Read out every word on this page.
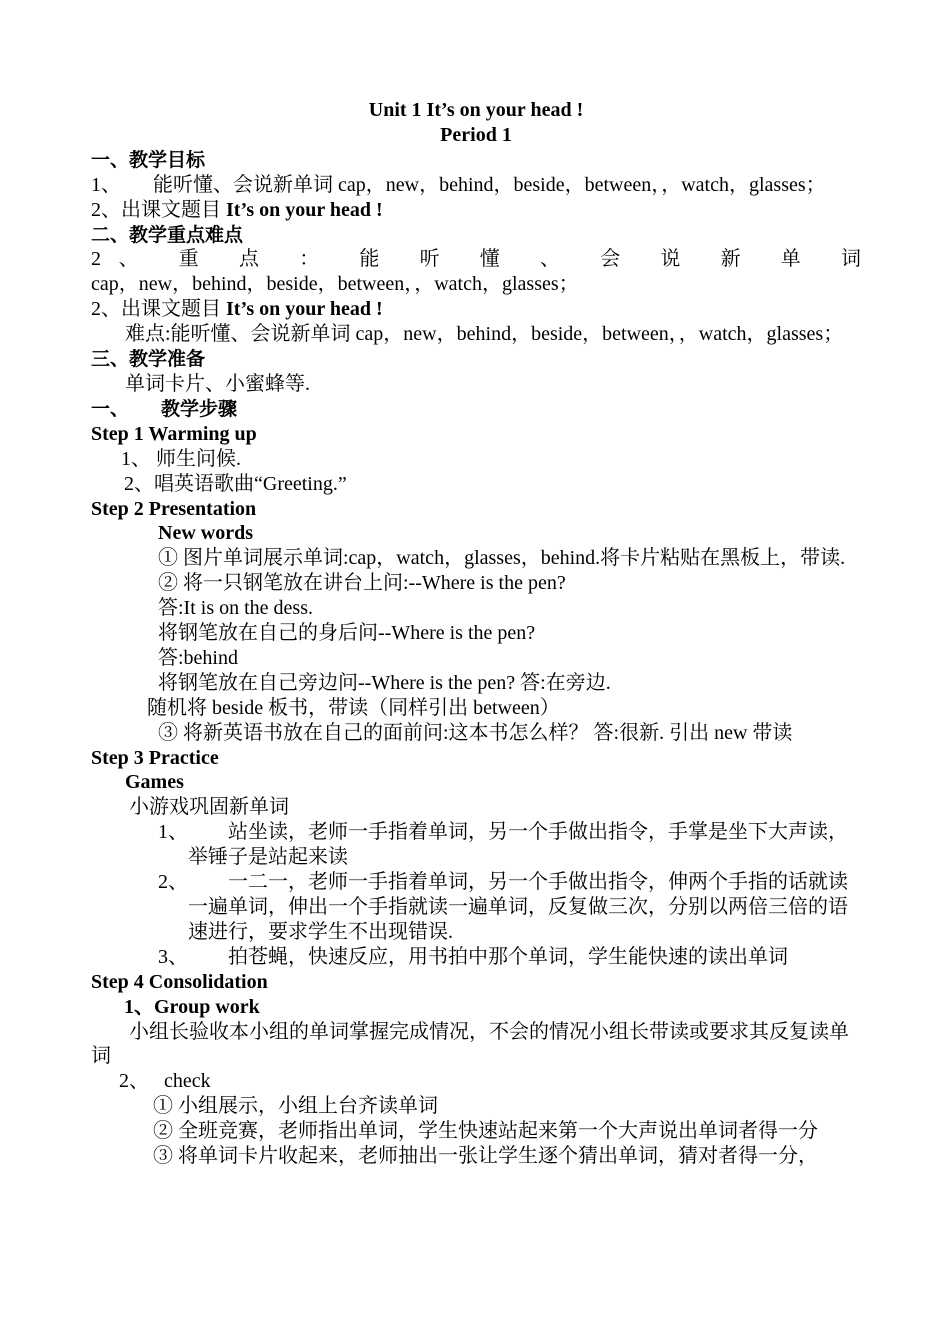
Unit 1 It’s on your head !
Period 1
一、教学目标
1、 能听懂、会说新单词 cap，new，behind，beside，between，，watch，glasses；
2、出课文题目 It’s on your head !
二、教学重点难点
2、 重 点 ： 能 听 懂 、 会 说 新 单 词
cap，new，behind，beside，between，，watch，glasses；
2、出课文题目 It’s on your head !
难点:能听懂、会说新单词 cap，new，behind，beside，between，，watch，glasses；
三、教学准备
单词卡片、小蜜蜂等.
一、 教学步骤
Step 1 Warming up
1、 师生问候.
2、唱英语歌曲“Greeting.”
Step 2 Presentation
New words
① 图片单词展示单词:cap，watch，glasses，behind.将卡片粘贴在黑板上，带读.
② 将一只钢笔放在讲台上问:--Where is the pen?
答:It is on the dess.
将钢笔放在自己的身后问--Where is the pen?
答:behind
将钢笔放在自己旁边问--Where is the pen? 答:在旁边.
随机将 beside 板书，带读（同样引出 between）
③ 将新英语书放在自己的面前问:这本书怎么样？ 答:很新. 引出 new 带读
Step 3 Practice
Games
小游戏巩固新单词
1、 站坐读，老师一手指着单词，另一个手做出指令，手掌是坐下大声读，举锤子是站起来读
2、 一二一，老师一手指着单词，另一个手做出指令，伸两个手指的话就读一遍单词，伸出一个手指就读一遍单词，反复做三次，分别以两倍三倍的语速进行，要求学生不出现错误.
3、 拍苍蝇，快速反应，用书拍中那个单词，学生能快速的读出单词
Step 4 Consolidation
1、Group work
小组长验收本小组的单词掌握完成情况，不会的情况小组长带读或要求其反复读单词
2、 check
① 小组展示，小组上台齐读单词
② 全班竞赛，老师指出单词，学生快速站起来第一个大声说出单词者得一分
③ 将单词卡片收起来，老师抽出一张让学生逐个猜出单词，猜对者得一分，
